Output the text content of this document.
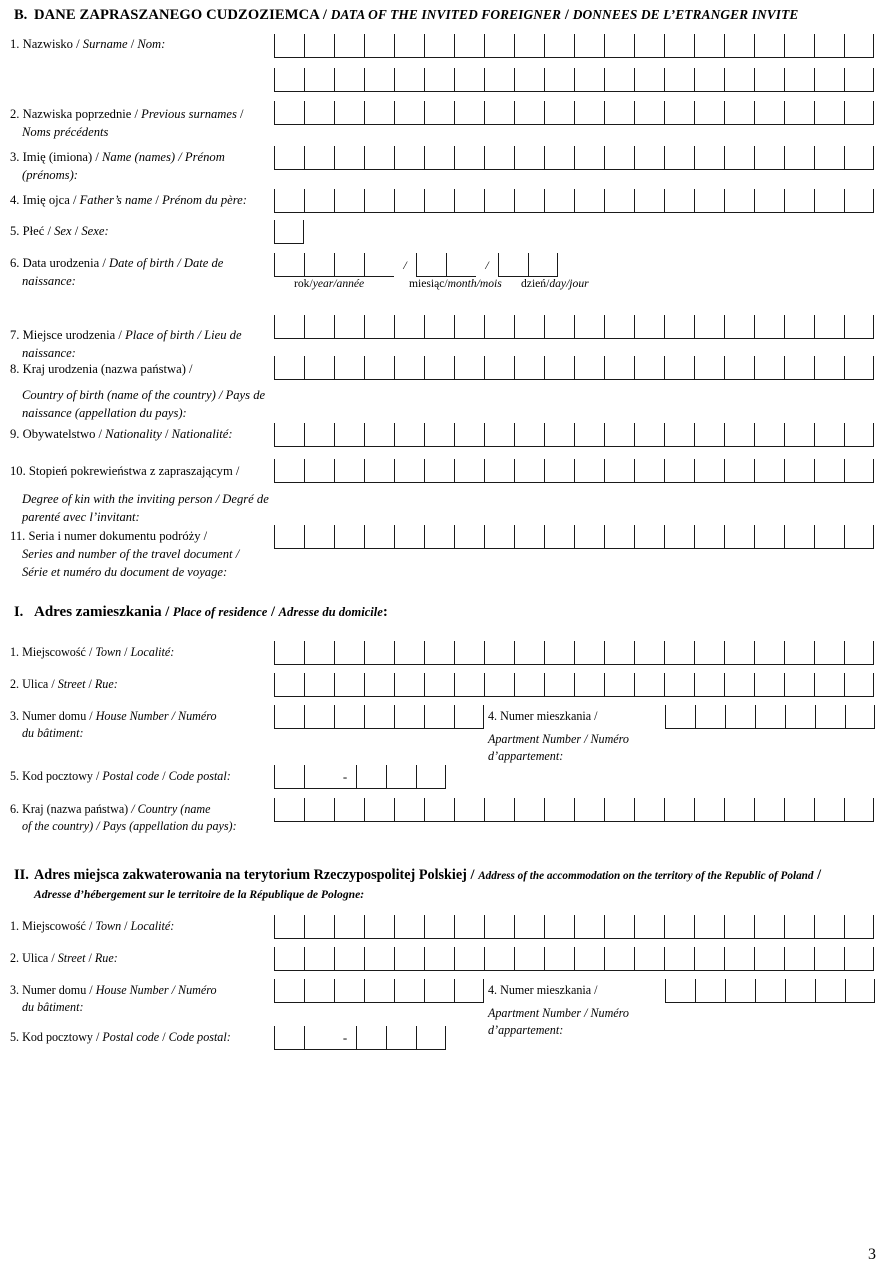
B. DANE ZAPRASZANEGO CUDZOZIEMCA / DATA OF THE INVITED FOREIGNER / DONNEES DE L’ETRANGER INVITE
1. Nazwisko / Surname / Nom:
2. Nazwiska poprzednie / Previous surnames /
Noms précédents
3. Imię (imiona) / Name (names) / Prénom
(prénoms):
4. Imię ojca / Father’s name / Prénom du père:
5. Płeć / Sex / Sexe:
6. Data urodzenia / Date of birth / Date de
naissance:
/	/
rok/year/année	miesiąc/month/mois dzień/day/jour
7. Miejsce urodzenia / Place of birth / Lieu de
naissance:
8. Kraj urodzenia (nazwa państwa) /
Country of birth (name of the country) / Pays de
naissance (appellation du pays):
9. Obywatelstwo / Nationality / Nationalité:
10. Stopień pokrewieństwa z zapraszającym /
Degree of kin with the inviting person / Degré de
parenté avec l’invitant:
11. Seria i numer dokumentu podróży /
Series and number of the travel document /
Série et numéro du document de voyage:
I. Adres zamieszkania / Place of residence / Adresse du domicile:
1. Miejscowość / Town / Localité:
2. Ulica / Street / Rue:
3. Numer domu / House Number / Numéro
du bâtiment:
4. Numer mieszkania /
Apartment Number / Numéro
d’appartement:
5. Kod pocztowy / Postal code / Code postal:	-
6. Kraj (nazwa państwa) / Country (name
of the country) / Pays (appellation du pays):
II. Adres miejsca zakwaterowania na terytorium Rzeczypospolitej Polskiej / Address of the accommodation on the territory of the Republic of Poland /
Adresse d’hébergement sur le territoire de la République de Pologne:
1. Miejscowość / Town / Localité:
2. Ulica / Street / Rue:
3. Numer domu / House Number / Numéro
du bâtiment:
4. Numer mieszkania /
Apartment Number / Numéro
d’appartement:
5. Kod pocztowy / Postal code / Code postal:	-
3
